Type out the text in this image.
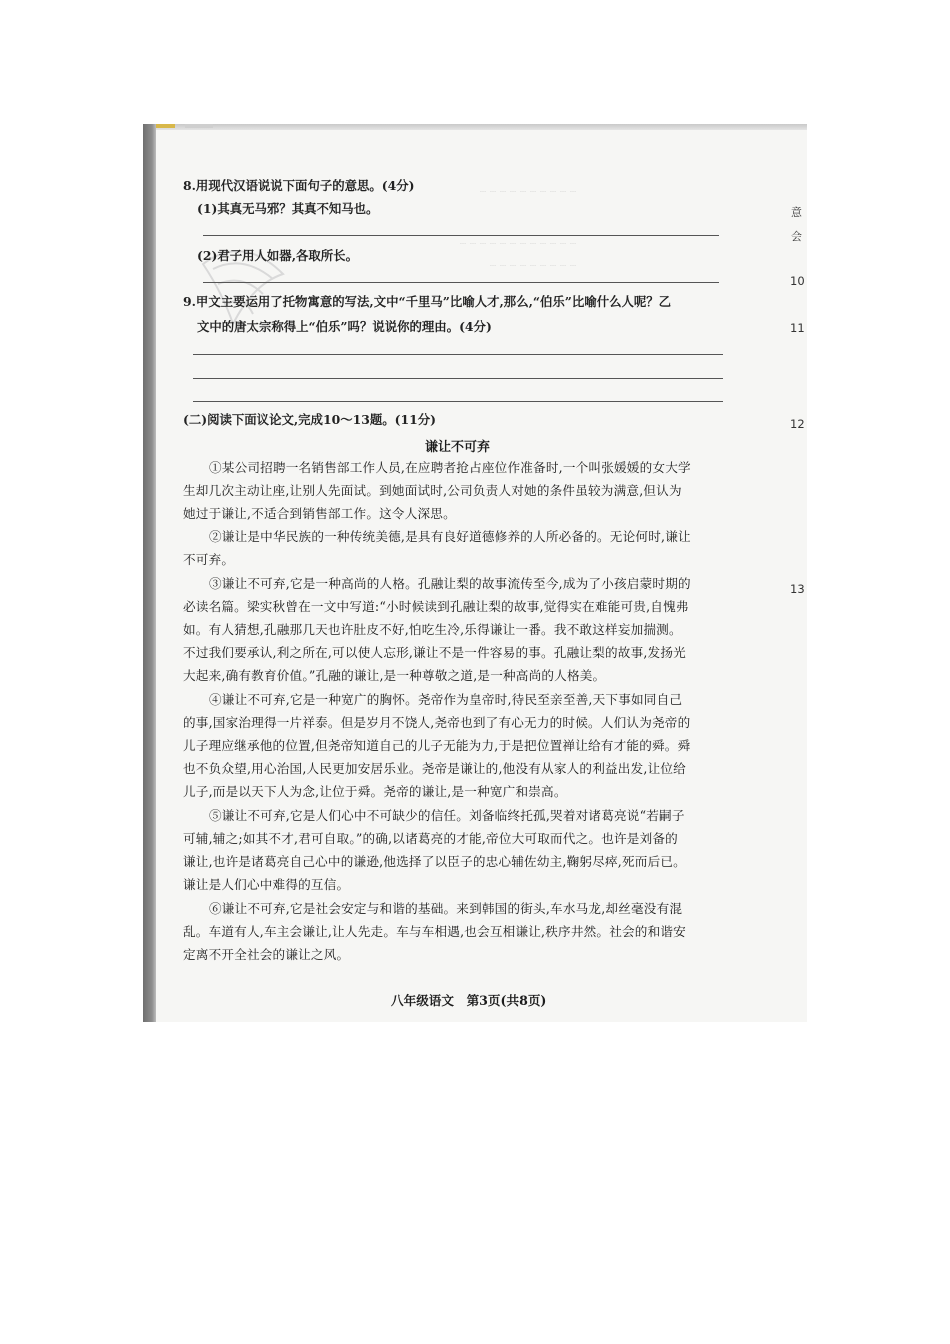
﹍﹍﹍﹍﹍﹍﹍﹍﹍﹍
﹍﹍﹍﹍﹍﹍﹍﹍﹍﹍﹍﹍
﹍﹍﹍﹍﹍﹍﹍﹍﹍
8.用现代汉语说说下面句子的意思。(4分)
(1)其真无马邪？其真不知马也。
(2)君子用人如器,各取所长。
9.甲文主要运用了托物寓意的写法,文中“千里马”比喻人才,那么,“伯乐”比喻什么人呢？乙
文中的唐太宗称得上“伯乐”吗？说说你的理由。(4分)
(二)阅读下面议论文,完成10～13题。(11分)
谦让不可弃
①某公司招聘一名销售部工作人员,在应聘者抢占座位作准备时,一个叫张媛媛的女大学
生却几次主动让座,让别人先面试。到她面试时,公司负责人对她的条件虽较为满意,但认为
她过于谦让,不适合到销售部工作。这令人深思。
②谦让是中华民族的一种传统美德,是具有良好道德修养的人所必备的。无论何时,谦让
不可弃。
③谦让不可弃,它是一种高尚的人格。孔融让梨的故事流传至今,成为了小孩启蒙时期的
必读名篇。梁实秋曾在一文中写道:“小时候读到孔融让梨的故事,觉得实在难能可贵,自愧弗
如。有人猜想,孔融那几天也许肚皮不好,怕吃生冷,乐得谦让一番。我不敢这样妄加揣测。
不过我们要承认,利之所在,可以使人忘形,谦让不是一件容易的事。孔融让梨的故事,发扬光
大起来,确有教育价值。”孔融的谦让,是一种尊敬之道,是一种高尚的人格美。
④谦让不可弃,它是一种宽广的胸怀。尧帝作为皇帝时,待民至亲至善,天下事如同自己
的事,国家治理得一片祥泰。但是岁月不饶人,尧帝也到了有心无力的时候。人们认为尧帝的
儿子理应继承他的位置,但尧帝知道自己的儿子无能为力,于是把位置禅让给有才能的舜。舜
也不负众望,用心治国,人民更加安居乐业。尧帝是谦让的,他没有从家人的利益出发,让位给
儿子,而是以天下人为念,让位于舜。尧帝的谦让,是一种宽广和崇高。
⑤谦让不可弃,它是人们心中不可缺少的信任。刘备临终托孤,哭着对诸葛亮说“若嗣子
可辅,辅之;如其不才,君可自取。”的确,以诸葛亮的才能,帝位大可取而代之。也许是刘备的
谦让,也许是诸葛亮自己心中的谦逊,他选择了以臣子的忠心辅佐幼主,鞠躬尽瘁,死而后已。
谦让是人们心中难得的互信。
⑥谦让不可弃,它是社会安定与和谐的基础。来到韩国的街头,车水马龙,却丝毫没有混
乱。车道有人,车主会谦让,让人先走。车与车相遇,也会互相谦让,秩序井然。社会的和谐安
定离不开全社会的谦让之风。
八年级语文　第3页(共8页)
意
会
10
11
12
13
